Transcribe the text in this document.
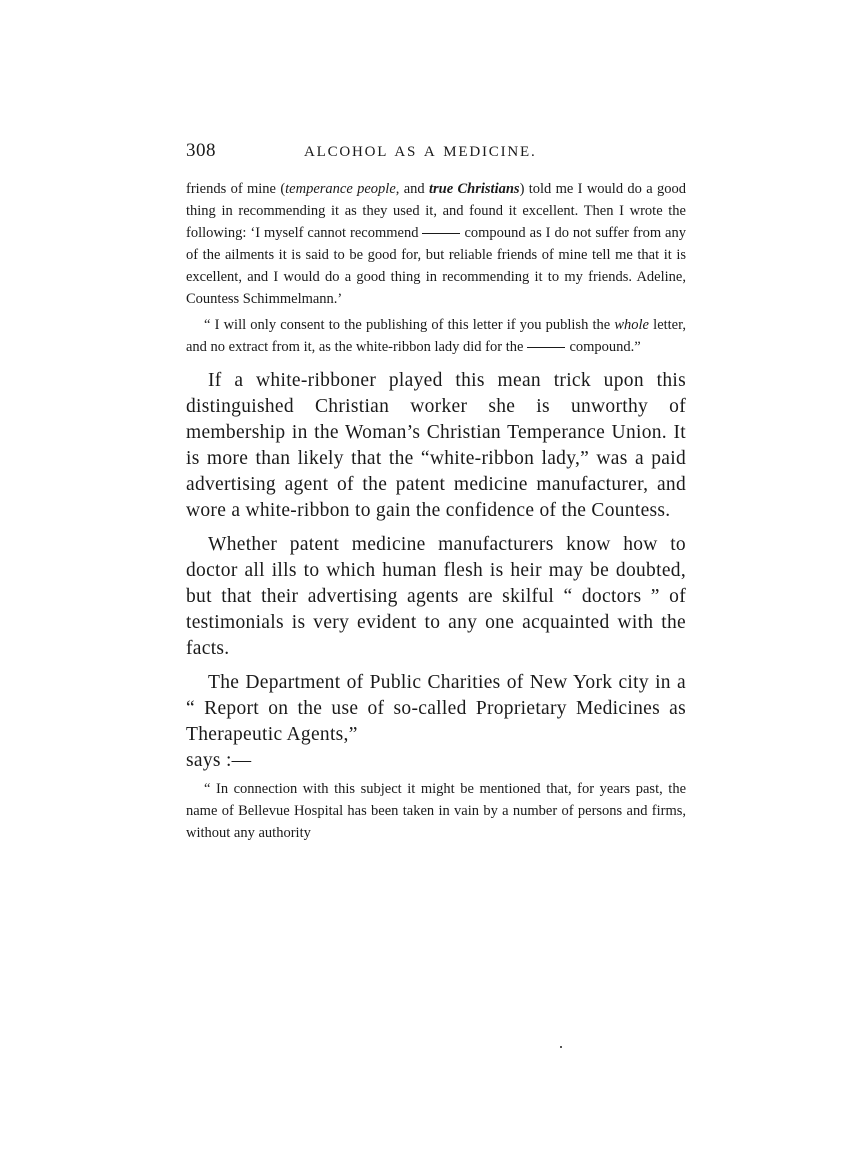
308	ALCOHOL AS A MEDICINE.

friends of mine (temperance people, and true Christians) told me I would do a good thing in recommending it as they used it, and found it excellent. Then I wrote the following: ‘I myself cannot recommend	compound as I do not suffer from any of the ailments it is said to be good for, but reliable friends of mine tell me that it is excellent, and I would do a good thing in recommending it to my friends. Adeline, Countess Schimmelmann.’

“ I will only consent to the publishing of this letter if you publish the whole letter, and no extract from it, as the white-ribbon lady did for the	compound.”

If a white-ribboner played this mean trick upon this distinguished Christian worker she is unworthy of membership in the Woman’s Christian Temperance Union. It is more than likely that the “white-ribbon lady,” was a paid advertising agent of the patent medicine manufacturer, and wore a white-ribbon to gain the confidence of the Countess.

Whether patent medicine manufacturers know how to doctor all ills to which human flesh is heir may be doubted, but that their advertising agents are skilful “ doctors ” of testimonials is very evident to any one acquainted with the facts.

The Department of Public Charities of New York city in a “ Report on the use of so-called Proprietary Medicines as Therapeutic Agents,”

says :—

“ In connection with this subject it might be mentioned that, for years past, the name of Bellevue Hospital has been taken in vain by a number of persons and firms, without any authority
